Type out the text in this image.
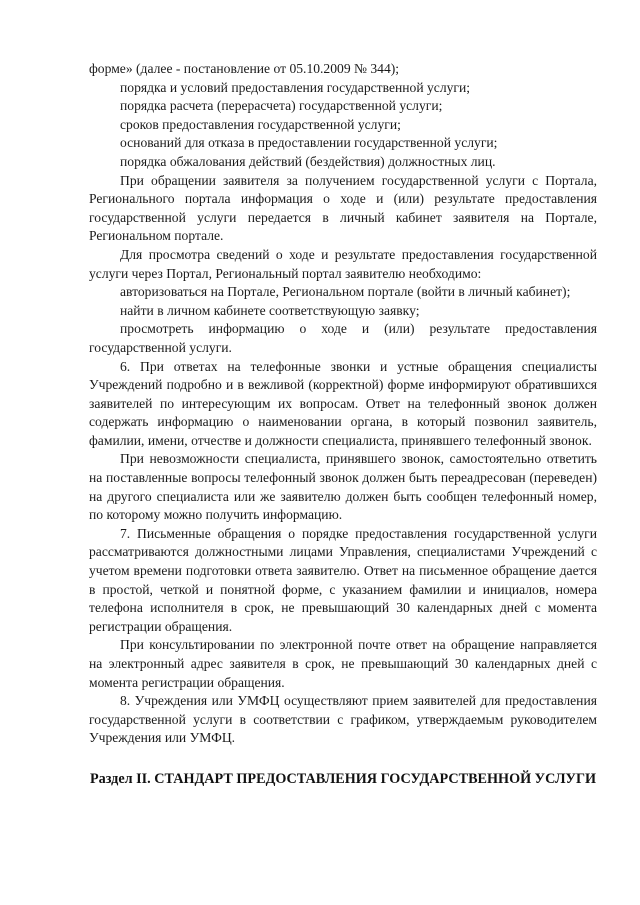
форме» (далее - постановление от 05.10.2009 № 344);

порядка и условий предоставления государственной услуги;

порядка расчета (перерасчета) государственной услуги;

сроков предоставления государственной услуги;

оснований для отказа в предоставлении государственной услуги;

порядка обжалования действий (бездействия) должностных лиц.

При обращении заявителя за получением государственной услуги с Портала, Регионального портала информация о ходе и (или) результате предоставления государственной услуги передается в личный кабинет заявителя на Портале, Региональном портале.

Для просмотра сведений о ходе и результате предоставления государственной услуги через Портал, Региональный портал заявителю необходимо:

авторизоваться на Портале, Региональном портале (войти в личный кабинет);

найти в личном кабинете соответствующую заявку;

просмотреть информацию о ходе и (или) результате предоставления государственной услуги.

6. При ответах на телефонные звонки и устные обращения специалисты Учреждений подробно и в вежливой (корректной) форме информируют обратившихся заявителей по интересующим их вопросам. Ответ на телефонный звонок должен содержать информацию о наименовании органа, в который позвонил заявитель, фамилии, имени, отчестве и должности специалиста, принявшего телефонный звонок.

При невозможности специалиста, принявшего звонок, самостоятельно ответить на поставленные вопросы телефонный звонок должен быть переадресован (переведен) на другого специалиста или же заявителю должен быть сообщен телефонный номер, по которому можно получить информацию.

7. Письменные обращения о порядке предоставления государственной услуги рассматриваются должностными лицами Управления, специалистами Учреждений с учетом времени подготовки ответа заявителю. Ответ на письменное обращение дается в простой, четкой и понятной форме, с указанием фамилии и инициалов, номера телефона исполнителя в срок, не превышающий 30 календарных дней с момента регистрации обращения.

При консультировании по электронной почте ответ на обращение направляется на электронный адрес заявителя в срок, не превышающий 30 календарных дней с момента регистрации обращения.

8. Учреждения или УМФЦ осуществляют прием заявителей для предоставления государственной услуги в соответствии с графиком, утверждаемым руководителем Учреждения или УМФЦ.

Раздел II. СТАНДАРТ ПРЕДОСТАВЛЕНИЯ ГОСУДАРСТВЕННОЙ УСЛУГИ
